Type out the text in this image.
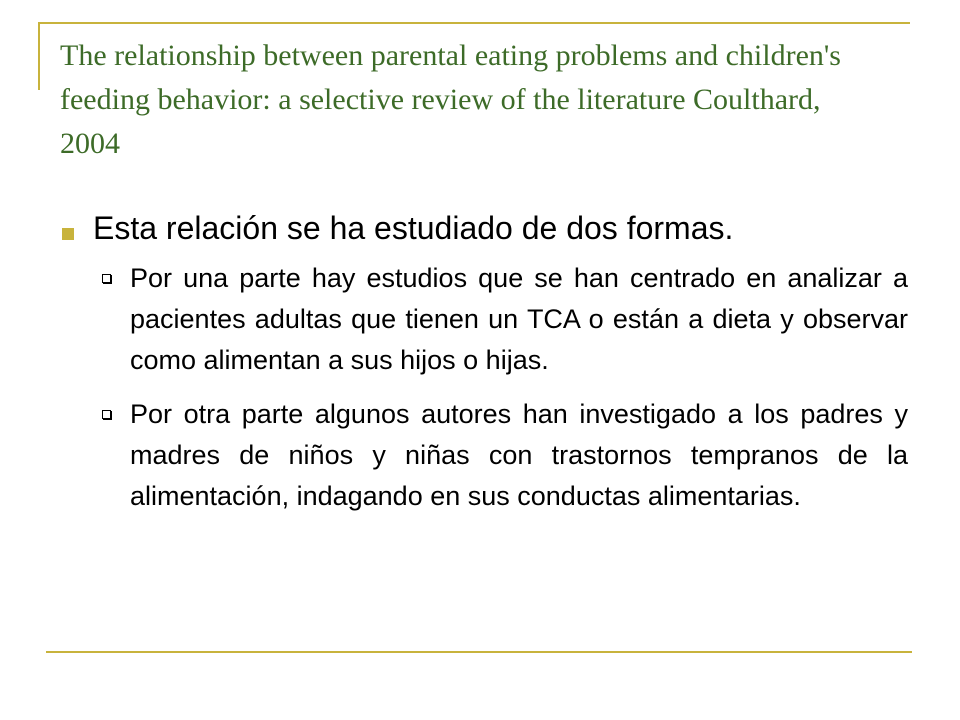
The relationship between parental eating problems and children's feeding behavior: a selective review of the literature Coulthard, 2004

Esta relación se ha estudiado de dos formas.

Por una parte hay estudios que se han centrado en analizar a pacientes adultas que tienen un TCA o están a dieta y observar como alimentan a sus hijos o hijas.

Por otra parte algunos autores han investigado a los padres y madres de niños y niñas con trastornos tempranos de la alimentación, indagando en sus conductas alimentarias.
